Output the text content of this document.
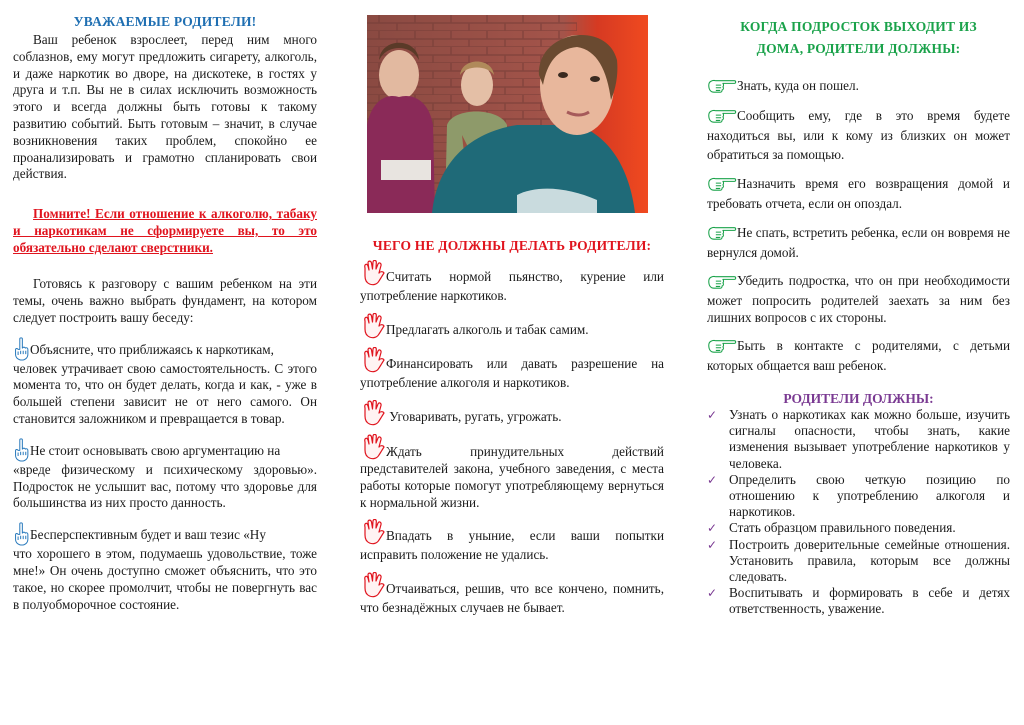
УВАЖАЕМЫЕ РОДИТЕЛИ!

Ваш ребенок взрослеет, перед ним много соблазнов, ему могут предложить сигарету, алкоголь, и даже наркотик во дворе, на дискотеке, в гостях у друга и т.п. Вы не в силах исключить возможность этого и всегда должны быть готовы к такому развитию событий. Быть готовым – значит, в случае возникновения таких проблем, спокойно ее проанализировать и грамотно спланировать свои действия.

Помните! Если отношение к алкоголю, табаку и наркотикам не сформируете вы, то это обязательно сделают сверстники.

Готовясь к разговору с вашим ребенком на эти темы, очень важно выбрать фундамент, на котором следует построить вашу беседу:

Объясните, что приближаясь к наркотикам,

человек утрачивает свою самостоятельность. С этого момента то, что он будет делать, когда и как, - уже в большей степени зависит не от него самого. Он становится заложником и превращается в товар.

Не стоит основывать свою аргументацию на

«вреде физическому и психическому здоровью». Подросток не услышит вас, потому что здоровье для большинства из них просто данность.

Бесперспективным будет и ваш тезис «Ну

что хорошего в этом, подумаешь удовольствие, тоже мне!» Он очень доступно сможет объяснить, что это такое, но скорее промолчит, чтобы не повергнуть вас в полуобморочное состояние.

ЧЕГО НЕ ДОЛЖНЫ ДЕЛАТЬ РОДИТЕЛИ:

Считать нормой пьянство, курение или употребление наркотиков.

Предлагать алкоголь и табак самим.

Финансировать или давать разрешение на употребление алкоголя и наркотиков.

Уговаривать, ругать, угрожать.

Ждать принудительных действий представителей закона, учебного заведения, с места работы которые помогут употребляющему вернуться к нормальной жизни.

Впадать в уныние, если ваши попытки исправить положение не удались.

Отчаиваться, решив, что все кончено, помнить, что безнадёжных случаев не бывает.

КОГДА ПОДРОСТОК ВЫХОДИТ ИЗ

ДОМА, РОДИТЕЛИ ДОЛЖНЫ:

Знать, куда он пошел.

Сообщить ему, где в это время будете находиться вы, или к кому из близких он может обратиться за помощью.

Назначить время его возвращения домой и требовать отчета, если он опоздал.

Не спать, встретить ребенка, если он вовремя не вернулся домой.

Убедить подростка, что он при необходимости может попросить родителей заехать за ним без лишних вопросов с их стороны.

Быть в контакте с родителями, с детьми которых общается ваш ребенок.

РОДИТЕЛИ ДОЛЖНЫ:

✓ Узнать о наркотиках как можно больше, изучить сигналы опасности, чтобы знать, какие изменения вызывает употребление наркотиков у человека.
✓ Определить свою четкую позицию по отношению к употреблению алкоголя и наркотиков.
✓ Стать образцом правильного поведения.
✓ Построить доверительные семейные отношения. Установить правила, которым все должны следовать.
✓ Воспитывать и формировать в себе и детях ответственность, уважение.
